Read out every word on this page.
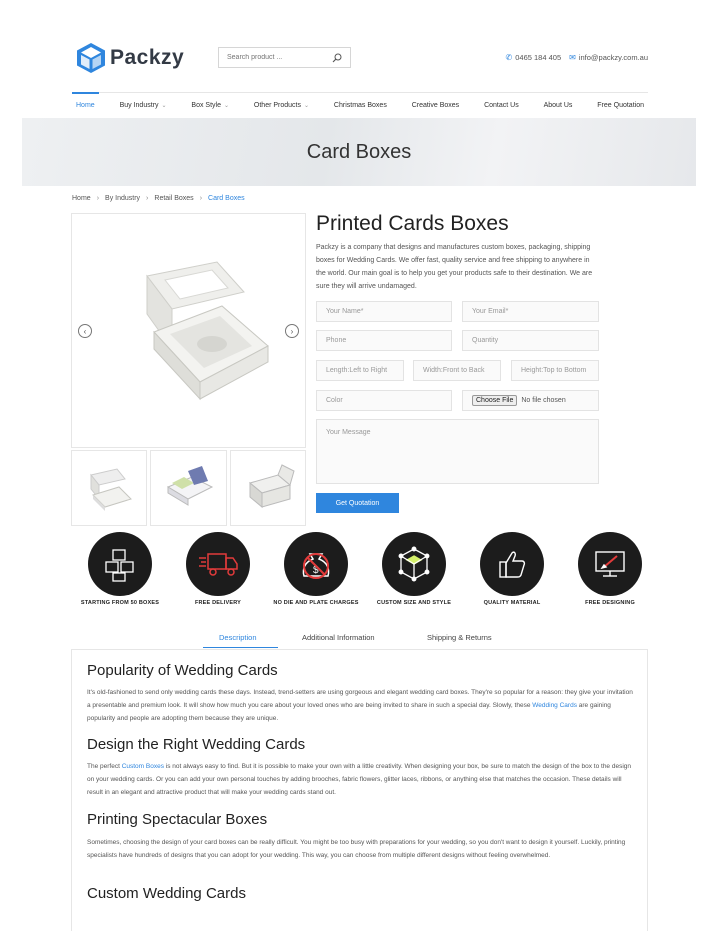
Packzy
Search product ...	✆ 0465 184 405 ✉ info@packzy.com.au
Home	Buy Industry ⌄	Box Style ⌄	Other Products ⌄	Christmas Boxes	Creative Boxes	Contact Us	About Us	Free Quotation
Card Boxes
Home › By Industry › Retail Boxes › Card Boxes
‹	›
Printed Cards Boxes
Packzy is a company that designs and manufactures custom boxes, packaging, shipping boxes for Wedding Cards. We offer fast, quality service and free shipping to anywhere in the world. Our main goal is to help you get your products safe to their destination. We are sure they will arrive undamaged.
Your Name*	Your Email*
Phone	Quantity
Length:Left to Right	Width:Front to Back	Height:Top to Bottom
Color	Choose File	No file chosen
Your Message
Get Quotation
STARTING FROM 50 BOXES	FREE DELIVERY
$
NO DIE AND PLATE CHARGES	CUSTOM SIZE AND STYLE	QUALITY MATERIAL	FREE DESIGNING
Description	Additional Information	Shipping & Returns
Popularity of Wedding Cards

It's old-fashioned to send only wedding cards these days. Instead, trend-setters are using gorgeous and elegant wedding card boxes. They're so popular for a reason: they give your invitation a presentable and premium look. It will show how much you care about your loved ones who are being invited to share in such a special day. Slowly, these Wedding Cards are gaining popularity and people are adopting them because they are unique.

Design the Right Wedding Cards

The perfect Custom Boxes is not always easy to find. But it is possible to make your own with a little creativity. When designing your box, be sure to match the design of the box to the design on your wedding cards. Or you can add your own personal touches by adding brooches, fabric flowers, glitter laces, ribbons, or anything else that matches the occasion. These details will result in an elegant and attractive product that will make your wedding cards stand out.

Printing Spectacular Boxes

Sometimes, choosing the design of your card boxes can be really difficult. You might be too busy with preparations for your wedding, so you don't want to design it yourself. Luckily, printing specialists have hundreds of designs that you can adopt for your wedding. This way, you can choose from multiple different designs without feeling overwhelmed.

Custom Wedding Cards
